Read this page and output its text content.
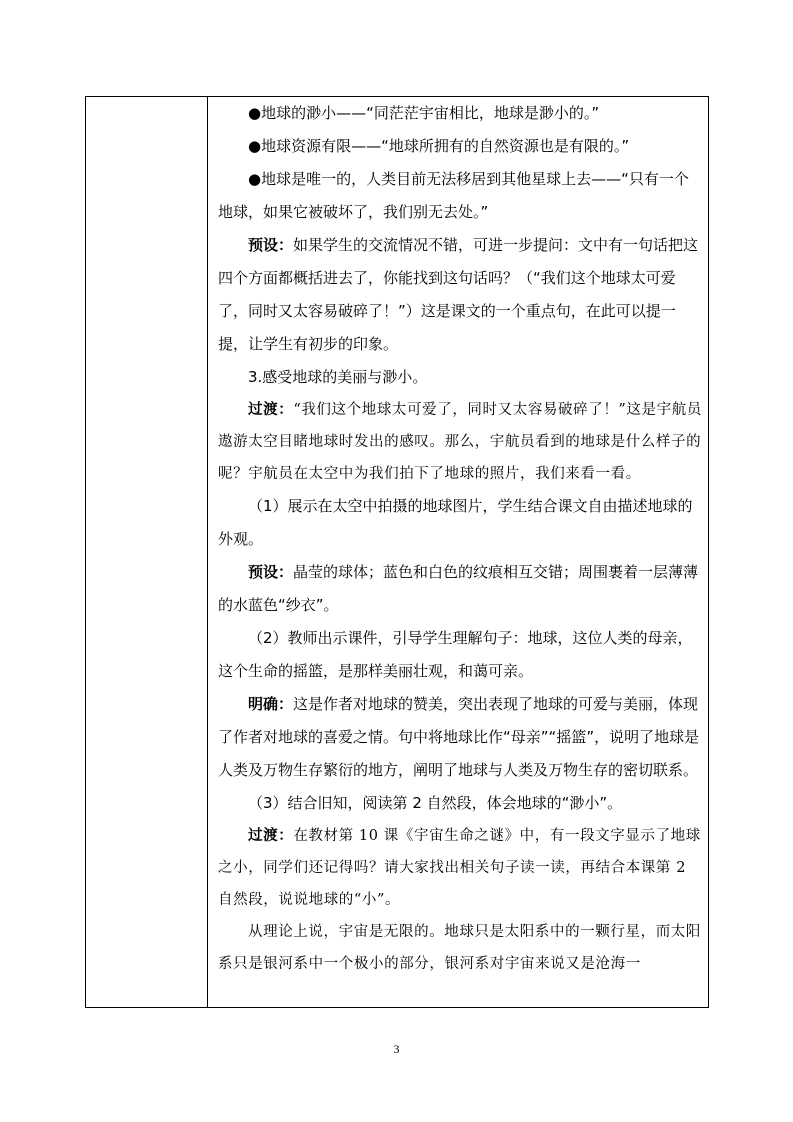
●地球的渺小——“同茫茫宇宙相比，地球是渺小的。”

●地球资源有限——“地球所拥有的自然资源也是有限的。”

●地球是唯一的，人类目前无法移居到其他星球上去——“只有一个地球，如果它被破坏了，我们别无去处。”

预设：如果学生的交流情况不错，可进一步提问：文中有一句话把这四个方面都概括进去了，你能找到这句话吗？（“我们这个地球太可爱了，同时又太容易破碎了！”）这是课文的一个重点句，在此可以提一提，让学生有初步的印象。

3.感受地球的美丽与渺小。

过渡：“我们这个地球太可爱了，同时又太容易破碎了！”这是宇航员遨游太空目睹地球时发出的感叹。那么，宇航员看到的地球是什么样子的呢？宇航员在太空中为我们拍下了地球的照片，我们来看一看。

（1）展示在太空中拍摄的地球图片，学生结合课文自由描述地球的外观。

预设：晶莹的球体；蓝色和白色的纹痕相互交错；周围裹着一层薄薄的水蓝色“纱衣”。

（2）教师出示课件，引导学生理解句子：地球，这位人类的母亲，这个生命的摇篮，是那样美丽壮观，和蔼可亲。

明确：这是作者对地球的赞美，突出表现了地球的可爱与美丽，体现了作者对地球的喜爱之情。句中将地球比作“母亲”“摇篮”，说明了地球是人类及万物生存繁衍的地方，阐明了地球与人类及万物生存的密切联系。

（3）结合旧知，阅读第 2 自然段，体会地球的“渺小”。

过渡：在教材第 10 课《宇宙生命之谜》中，有一段文字显示了地球之小，同学们还记得吗？请大家找出相关句子读一读，再结合本课第 2 自然段，说说地球的“小”。

从理论上说，宇宙是无限的。地球只是太阳系中的一颗行星，而太阳系只是银河系中一个极小的部分，银河系对宇宙来说又是沧海一

3
